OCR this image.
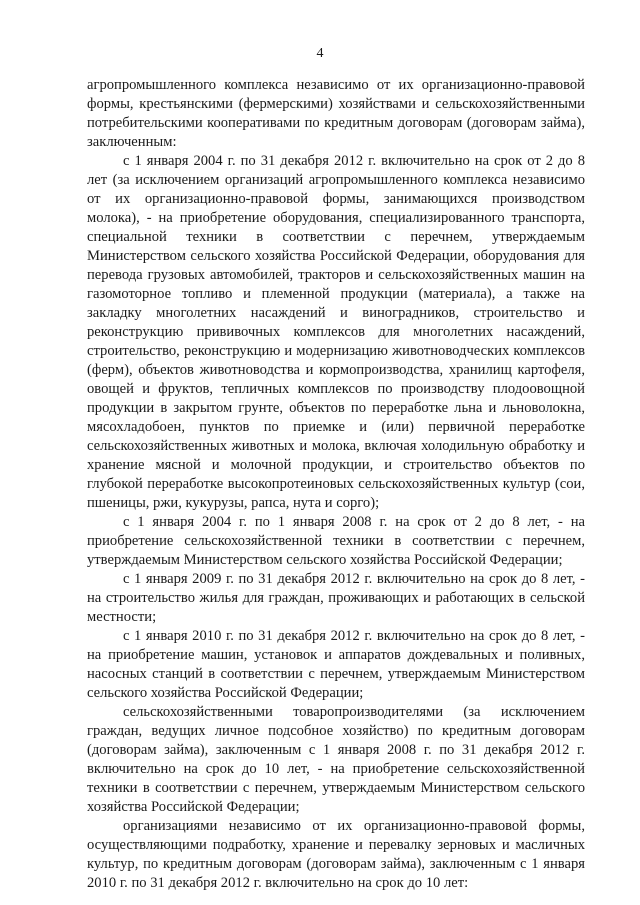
4

агропромышленного комплекса независимо от их организационно-правовой формы, крестьянскими (фермерскими) хозяйствами и сельскохозяйственными потребительскими кооперативами по кредитным договорам (договорам займа), заключенным:

с 1 января 2004 г. по 31 декабря 2012 г. включительно на срок от 2 до 8 лет (за исключением организаций агропромышленного комплекса независимо от их организационно-правовой формы, занимающихся производством молока), - на приобретение оборудования, специализированного транспорта, специальной техники в соответствии с перечнем, утверждаемым Министерством сельского хозяйства Российской Федерации, оборудования для перевода грузовых автомобилей, тракторов и сельскохозяйственных машин на газомоторное топливо и племенной продукции (материала), а также на закладку многолетних насаждений и виноградников, строительство и реконструкцию прививочных комплексов для многолетних насаждений, строительство, реконструкцию и модернизацию животноводческих комплексов (ферм), объектов животноводства и кормопроизводства, хранилищ картофеля, овощей и фруктов, тепличных комплексов по производству плодоовощной продукции в закрытом грунте, объектов по переработке льна и льноволокна, мясохладобоен, пунктов по приемке и (или) первичной переработке сельскохозяйственных животных и молока, включая холодильную обработку и хранение мясной и молочной продукции, и строительство объектов по глубокой переработке высокопротеиновых сельскохозяйственных культур (сои, пшеницы, ржи, кукурузы, рапса, нута и сорго);

с 1 января 2004 г. по 1 января 2008 г. на срок от 2 до 8 лет, - на приобретение сельскохозяйственной техники в соответствии с перечнем, утверждаемым Министерством сельского хозяйства Российской Федерации;

с 1 января 2009 г. по 31 декабря 2012 г. включительно на срок до 8 лет, - на строительство жилья для граждан, проживающих и работающих в сельской местности;

с 1 января 2010 г. по 31 декабря 2012 г. включительно на срок до 8 лет, - на приобретение машин, установок и аппаратов дождевальных и поливных, насосных станций в соответствии с перечнем, утверждаемым Министерством сельского хозяйства Российской Федерации;

сельскохозяйственными товаропроизводителями (за исключением граждан, ведущих личное подсобное хозяйство) по кредитным договорам (договорам займа), заключенным с 1 января 2008 г. по 31 декабря 2012 г. включительно на срок до 10 лет, - на приобретение сельскохозяйственной техники в соответствии с перечнем, утверждаемым Министерством сельского хозяйства Российской Федерации;

организациями независимо от их организационно-правовой формы, осуществляющими подработку, хранение и перевалку зерновых и масличных культур, по кредитным договорам (договорам займа), заключенным с 1 января 2010 г. по 31 декабря 2012 г. включительно на срок до 10 лет:
